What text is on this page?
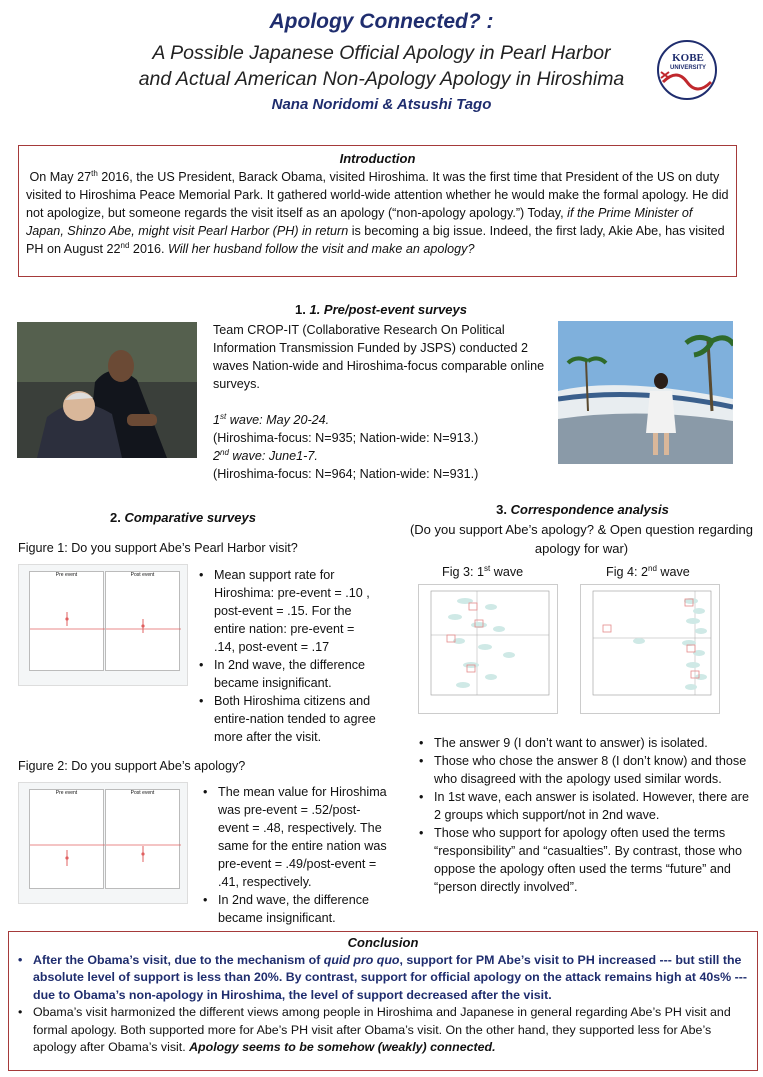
Apology Connected? :
A Possible Japanese Official Apology in Pearl Harbor
and Actual American Non-Apology Apology in Hiroshima
Nana Noridomi & Atsushi Tago
KOBE
UNIVERSITY
Introduction
On May 27th 2016, the US President, Barack Obama, visited Hiroshima. It was the first time that President of the US on duty visited to Hiroshima Peace Memorial Park. It gathered world-wide attention whether he would make the formal apology. He did not apologize, but someone regards the visit itself as an apology (“non-apology apology.”) Today, if the Prime Minister of Japan, Shinzo Abe, might visit Pearl Harbor (PH) in return is becoming a big issue. Indeed, the first lady, Akie Abe, has visited PH on August 22nd 2016. Will her husband follow the visit and make an apology?
1. 1. Pre/post-event surveys
Team CROP-IT (Collaborative Research On Political Information Transmission Funded by JSPS) conducted 2 waves Nation-wide and Hiroshima-focus comparable online surveys.
1st wave: May 20-24.
(Hiroshima-focus: N=935; Nation-wide: N=913.)
2nd wave: June1-7.
(Hiroshima-focus: N=964; Nation-wide: N=931.)
2. Comparative surveys
Figure 1: Do you support Abe’s Pearl Harbor visit?
Pre event	Post event	• Mean support rate for Hiroshima: pre-event = .10 , post-event = .15. For the entire nation: pre-event = .14, post-event = .17
• In 2nd wave, the difference became insignificant.
• Both Hiroshima citizens and entire-nation tended to agree more after the visit.
Figure 2: Do you support Abe’s apology?
Pre event	Post event	• The mean value for Hiroshima was pre-event = .52/post-event = .48, respectively. The same for the entire nation was pre-event = .49/post-event = .41, respectively.
• In 2nd wave, the difference became insignificant.
3. Correspondence analysis
(Do you support Abe’s apology? & Open question regarding apology for war)
Fig 3: 1st wave	Fig 4: 2nd wave
• The answer 9 (I don’t want to answer) is isolated.
• Those who chose the answer 8 (I don’t know) and those who disagreed with the apology used similar words.
• In 1st wave, each answer is isolated. However, there are 2 groups which support/not in 2nd wave.
• Those who support for apology often used the terms “responsibility” and “casualties”. By contrast, those who oppose the apology often used the terms “future” and “person directly involved”.
Conclusion
• After the Obama’s visit, due to the mechanism of quid pro quo, support for PM Abe’s visit to PH increased --- but still the absolute level of support is less than 20%. By contrast, support for official apology on the attack remains high at 40s% --- due to Obama’s non-apology in Hiroshima, the level of support decreased after the visit.
• Obama’s visit harmonized the different views among people in Hiroshima and Japanese in general regarding Abe’s PH visit and formal apology. Both supported more for Abe’s PH visit after Obama’s visit. On the other hand, they supported less for Abe’s apology after Obama’s visit. Apology seems to be somehow (weakly) connected.
